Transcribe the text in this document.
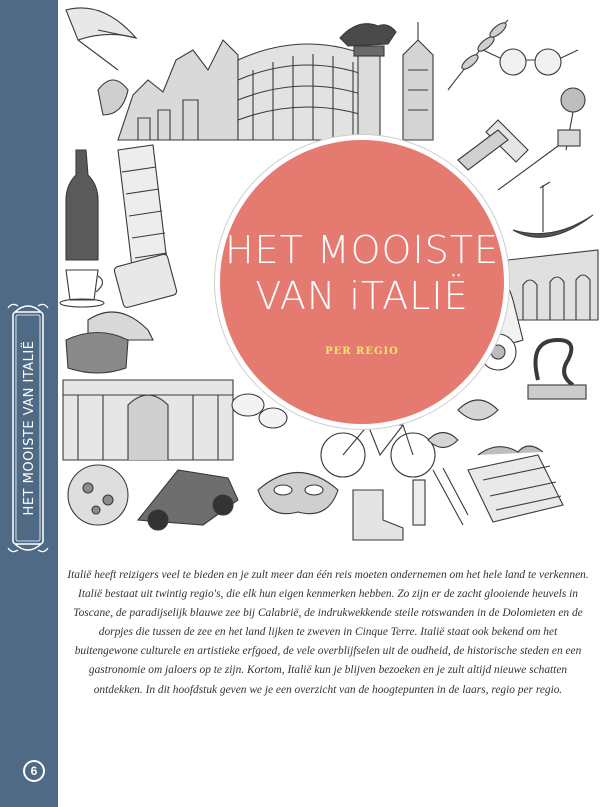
HET MOOISTE VAN ITALIË
6
HET MOOISTE
VAN iTALIË
PER REGIO

Italië heeft reizigers veel te bieden en je zult meer dan één reis moeten ondernemen om het hele land te verkennen. Italië bestaat uit twintig regio's, die elk hun eigen kenmerken hebben. Zo zijn er de zacht glooiende heuvels in Toscane, de paradijselijk blauwe zee bij Calabrië, de indrukwekkende steile rotswanden in de Dolomieten en de dorpjes die tussen de zee en het land lijken te zweven in Cinque Terre. Italië staat ook bekend om het buitengewone culturele en artistieke erfgoed, de vele overblijfselen uit de oudheid, de historische steden en een gastronomie om jaloers op te zijn. Kortom, Italië kun je blijven bezoeken en je zult altijd nieuwe schatten ontdekken. In dit hoofdstuk geven we je een overzicht van de hoogtepunten in de laars, regio per regio.
